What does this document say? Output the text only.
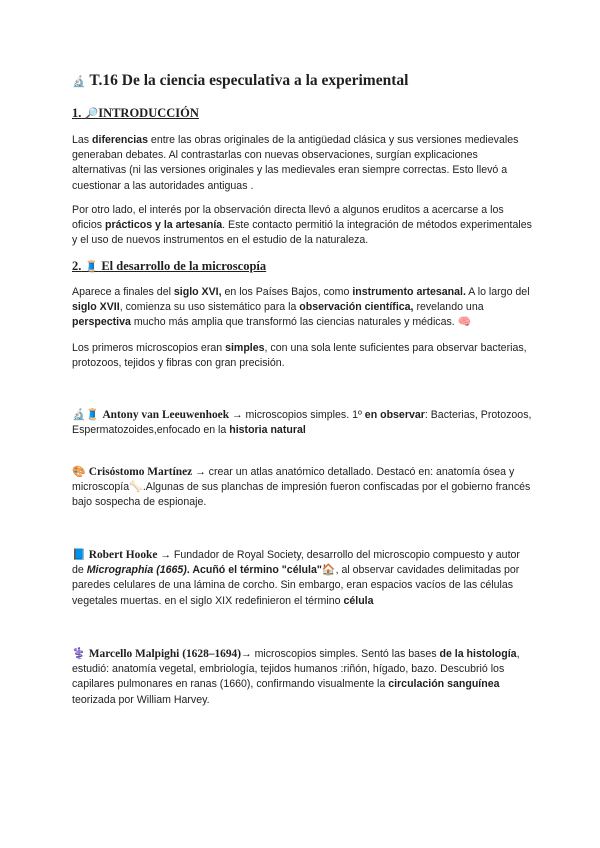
🔬 T.16 De la ciencia especulativa a la experimental
1. 🔎INTRODUCCIÓN

Las diferencias entre las obras originales de la antigüedad clásica y sus versiones medievales generaban debates. Al contrastarlas con nuevas observaciones, surgían explicaciones alternativas (ni las versiones originales y las medievales eran siempre correctas. Esto llevó a cuestionar a las autoridades antiguas .

Por otro lado, el interés por la observación directa llevó a algunos eruditos a acercarse a los oficios prácticos y la artesanía. Este contacto permitió la integración de métodos experimentales y el uso de nuevos instrumentos en el estudio de la naturaleza.

2. 🧵 El desarrollo de la microscopía

Aparece a finales del siglo XVI, en los Países Bajos, como instrumento artesanal. A lo largo del siglo XVII, comienza su uso sistemático para la observación científica, revelando una perspectiva mucho más amplia que transformó las ciencias naturales y médicas. 🧠

Los primeros microscopios eran simples, con una sola lente suficientes para observar bacterias, protozoos, tejidos y fibras con gran precisión.

🔬🧵 Antony van Leeuwenhoek → microscopios simples. 1º en observar: Bacterias, Protozoos, Espermatozoides,enfocado en la historia natural

🎨 Crisóstomo Martínez → crear un atlas anatómico detallado. Destacó en: anatomía ósea y microscopía🦴.Algunas de sus planchas de impresión fueron confiscadas por el gobierno francés bajo sospecha de espionaje.

📘 Robert Hooke → Fundador de Royal Society, desarrollo del microscopio compuesto y autor de Micrographia (1665). Acuñó el término "célula"🏠, al observar cavidades delimitadas por paredes celulares de una lámina de corcho. Sin embargo, eran espacios vacíos de las células vegetales muertas. en el siglo XIX redefinieron el término célula

⚕️ Marcello Malpighi (1628–1694)→ microscopios simples. Sentó las bases de la histología, estudió: anatomía vegetal, embriología, tejidos humanos :riñón, hígado, bazo. Descubrió los capilares pulmonares en ranas (1660), confirmando visualmente la circulación sanguínea teorizada por William Harvey.
